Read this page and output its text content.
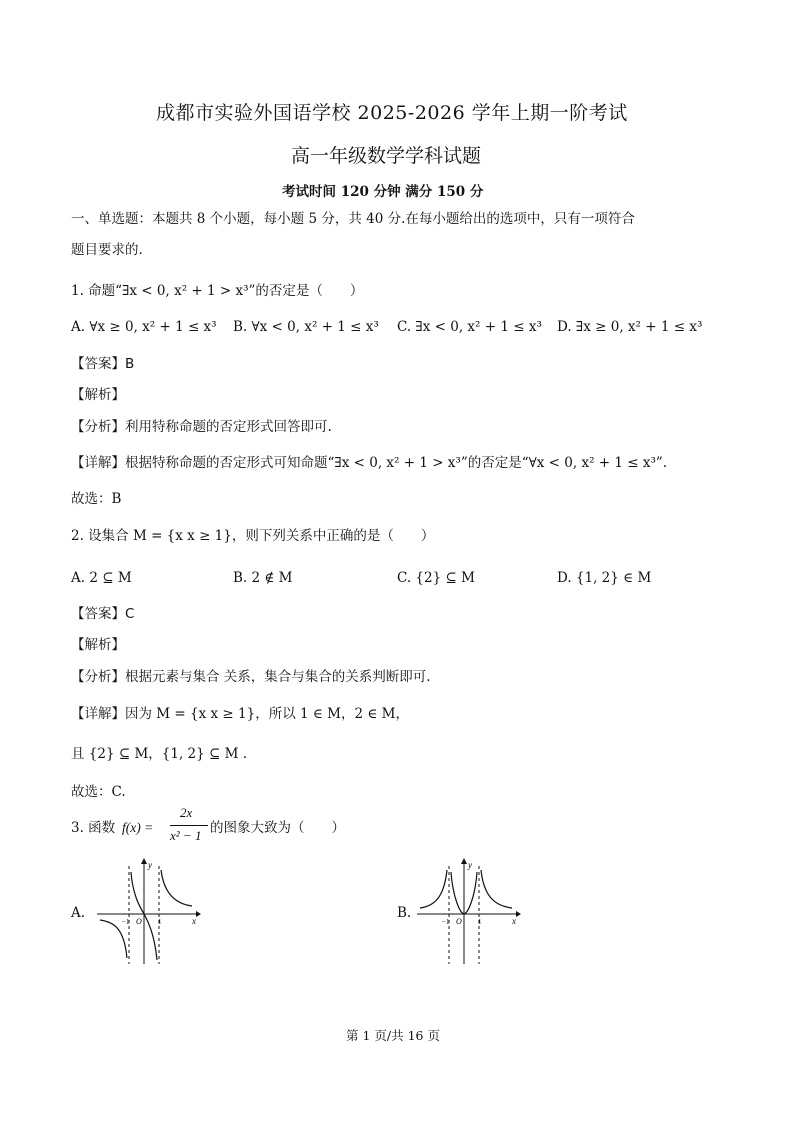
成都市实验外国语学校 2025-2026 学年上期一阶考试
高一年级数学学科试题
考试时间 120 分钟 满分 150 分
一、单选题：本题共 8 个小题，每小题 5 分，共 40 分.在每小题给出的选项中，只有一项符合
题目要求的.
1. 命题“∃x < 0, x² + 1 > x³”的否定是（　　）
A. ∀x ≥ 0, x² + 1 ≤ x³ B. ∀x < 0, x² + 1 ≤ x³ C. ∃x < 0, x² + 1 ≤ x³ D. ∃x ≥ 0, x² + 1 ≤ x³
【答案】B
【解析】
【分析】利用特称命题的否定形式回答即可.
【详解】根据特称命题的否定形式可知命题“∃x < 0, x² + 1 > x³”的否定是“∀x < 0, x² + 1 ≤ x³”.
故选：B
2. 设集合 M = {x x ≥ 1}，则下列关系中正确的是（　　）
A. 2 ⊆ M	B. 2 ∉ M	C. {2} ⊆ M	D. {1, 2} ∈ M
【答案】C
【解析】
【分析】根据元素与集合 关系，集合与集合的关系判断即可.
【详解】因为 M = {x x ≥ 1}，所以 1 ∈ M，2 ∈ M，
且 {2} ⊆ M，{1, 2} ⊆ M .
故选：C.
3. 函数 f(x) =
2x
x² − 1 的图象大致为（　　）
A.	B.
y
x
O
−1	1
y
x
O
−1	1
第 1 页/共 16 页
